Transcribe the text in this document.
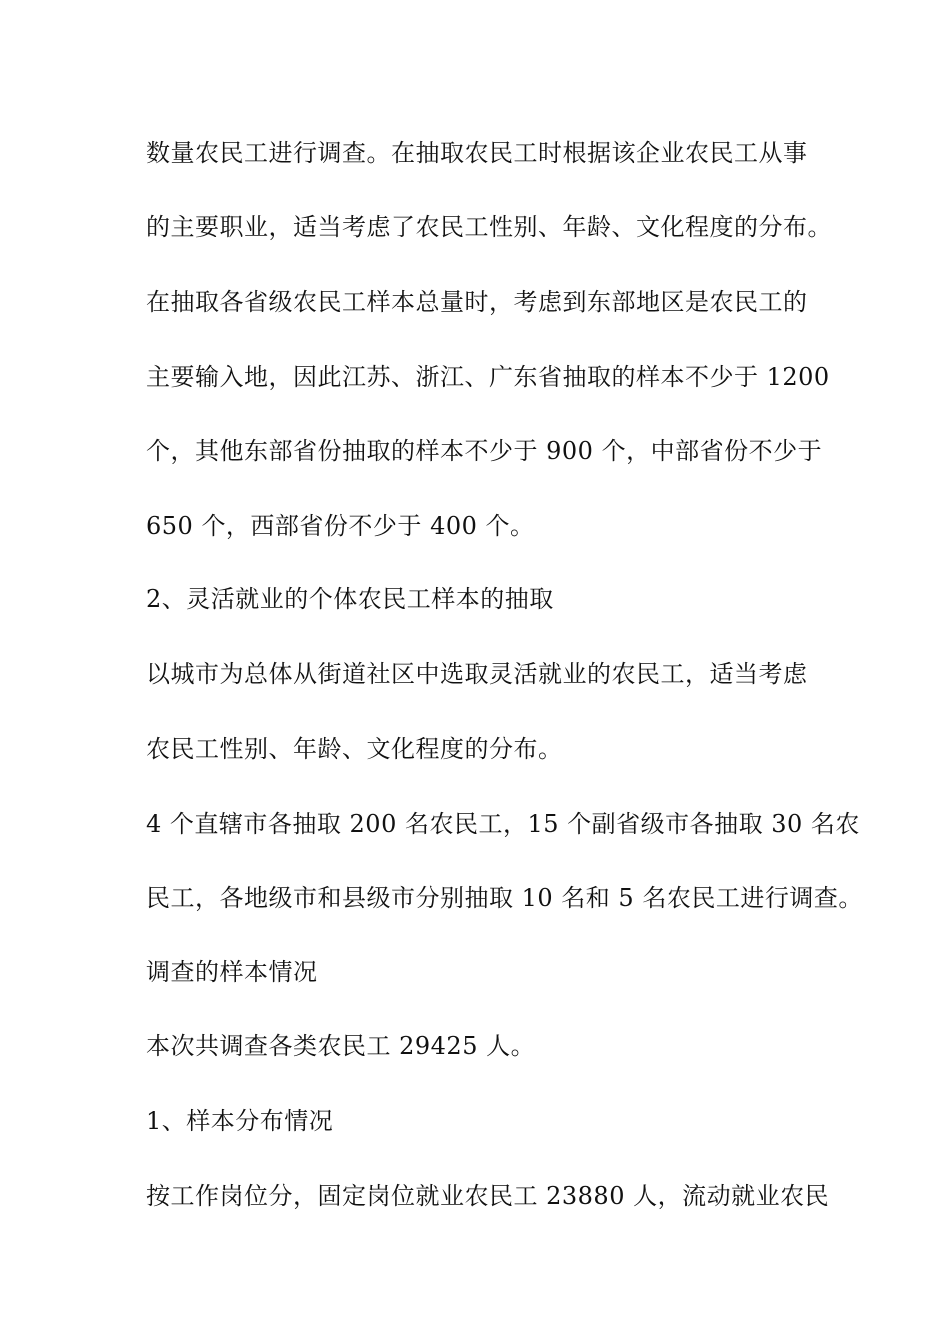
数量农民工进行调查。在抽取农民工时根据该企业农民工从事
的主要职业，适当考虑了农民工性别、年龄、文化程度的分布。
在抽取各省级农民工样本总量时，考虑到东部地区是农民工的
主要输入地，因此江苏、浙江、广东省抽取的样本不少于 1200
个，其他东部省份抽取的样本不少于 900 个，中部省份不少于
650 个，西部省份不少于 400 个。
2、灵活就业的个体农民工样本的抽取
以城市为总体从街道社区中选取灵活就业的农民工，适当考虑
农民工性别、年龄、文化程度的分布。
4 个直辖市各抽取 200 名农民工，15 个副省级市各抽取 30 名农
民工，各地级市和县级市分别抽取 10 名和 5 名农民工进行调查。
调查的样本情况
本次共调查各类农民工 29425 人。
1、样本分布情况
按工作岗位分，固定岗位就业农民工 23880 人，流动就业农民
